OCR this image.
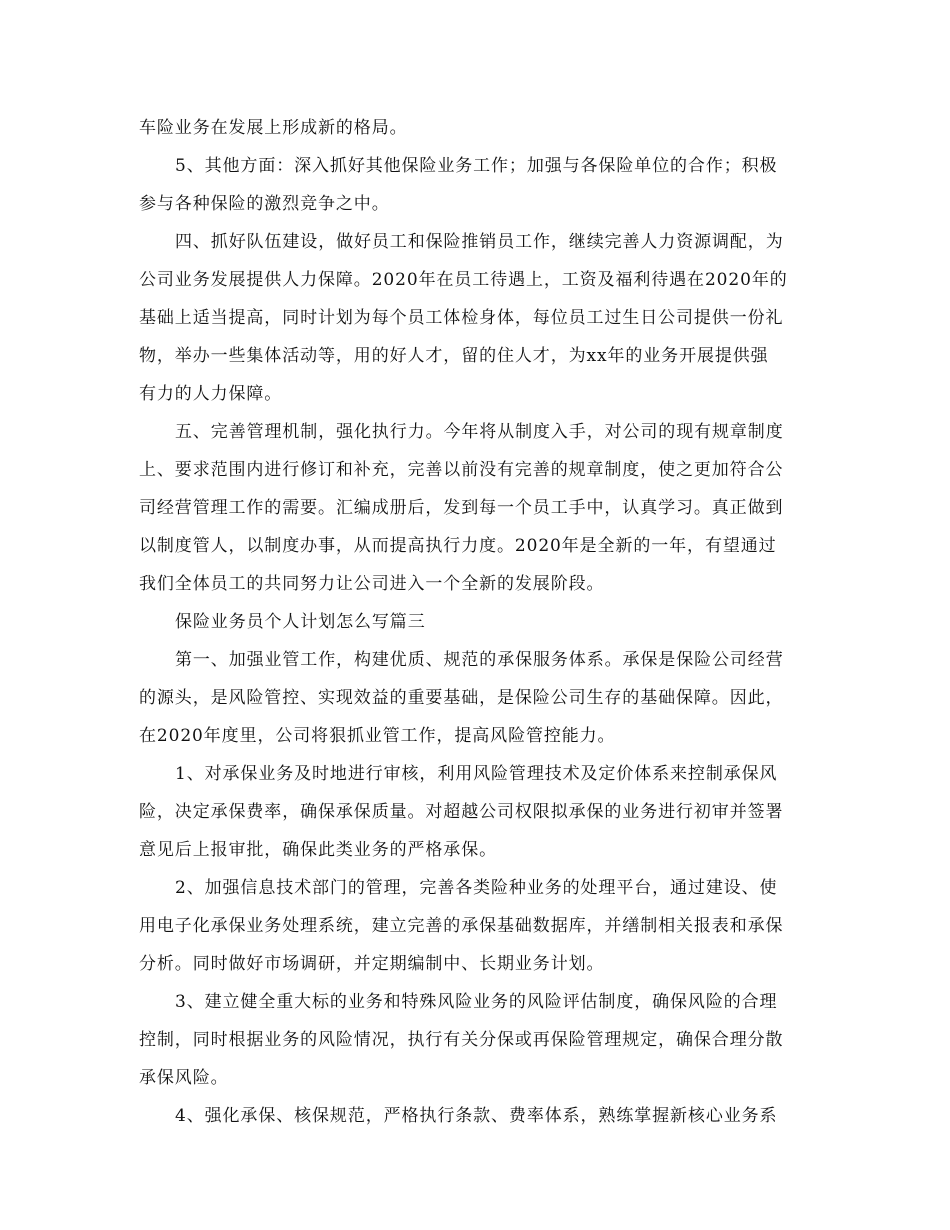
车险业务在发展上形成新的格局。

5、其他方面：深入抓好其他保险业务工作；加强与各保险单位的合作；积极

参与各种保险的激烈竞争之中。

四、抓好队伍建设，做好员工和保险推销员工作，继续完善人力资源调配，为

公司业务发展提供人力保障。2020年在员工待遇上，工资及福利待遇在2020年的

基础上适当提高，同时计划为每个员工体检身体，每位员工过生日公司提供一份礼

物，举办一些集体活动等，用的好人才，留的住人才，为xx年的业务开展提供强

有力的人力保障。

五、完善管理机制，强化执行力。今年将从制度入手，对公司的现有规章制度

上、要求范围内进行修订和补充，完善以前没有完善的规章制度，使之更加符合公

司经营管理工作的需要。汇编成册后，发到每一个员工手中，认真学习。真正做到

以制度管人，以制度办事，从而提高执行力度。2020年是全新的一年，有望通过

我们全体员工的共同努力让公司进入一个全新的发展阶段。

保险业务员个人计划怎么写篇三

第一、加强业管工作，构建优质、规范的承保服务体系。承保是保险公司经营

的源头，是风险管控、实现效益的重要基础，是保险公司生存的基础保障。因此，

在2020年度里，公司将狠抓业管工作，提高风险管控能力。

1、对承保业务及时地进行审核，利用风险管理技术及定价体系来控制承保风

险，决定承保费率，确保承保质量。对超越公司权限拟承保的业务进行初审并签署

意见后上报审批，确保此类业务的严格承保。

2、加强信息技术部门的管理，完善各类险种业务的处理平台，通过建设、使

用电子化承保业务处理系统，建立完善的承保基础数据库，并缮制相关报表和承保

分析。同时做好市场调研，并定期编制中、长期业务计划。

3、建立健全重大标的业务和特殊风险业务的风险评估制度，确保风险的合理

控制，同时根据业务的风险情况，执行有关分保或再保险管理规定，确保合理分散

承保风险。

4、强化承保、核保规范，严格执行条款、费率体系，熟练掌握新核心业务系
